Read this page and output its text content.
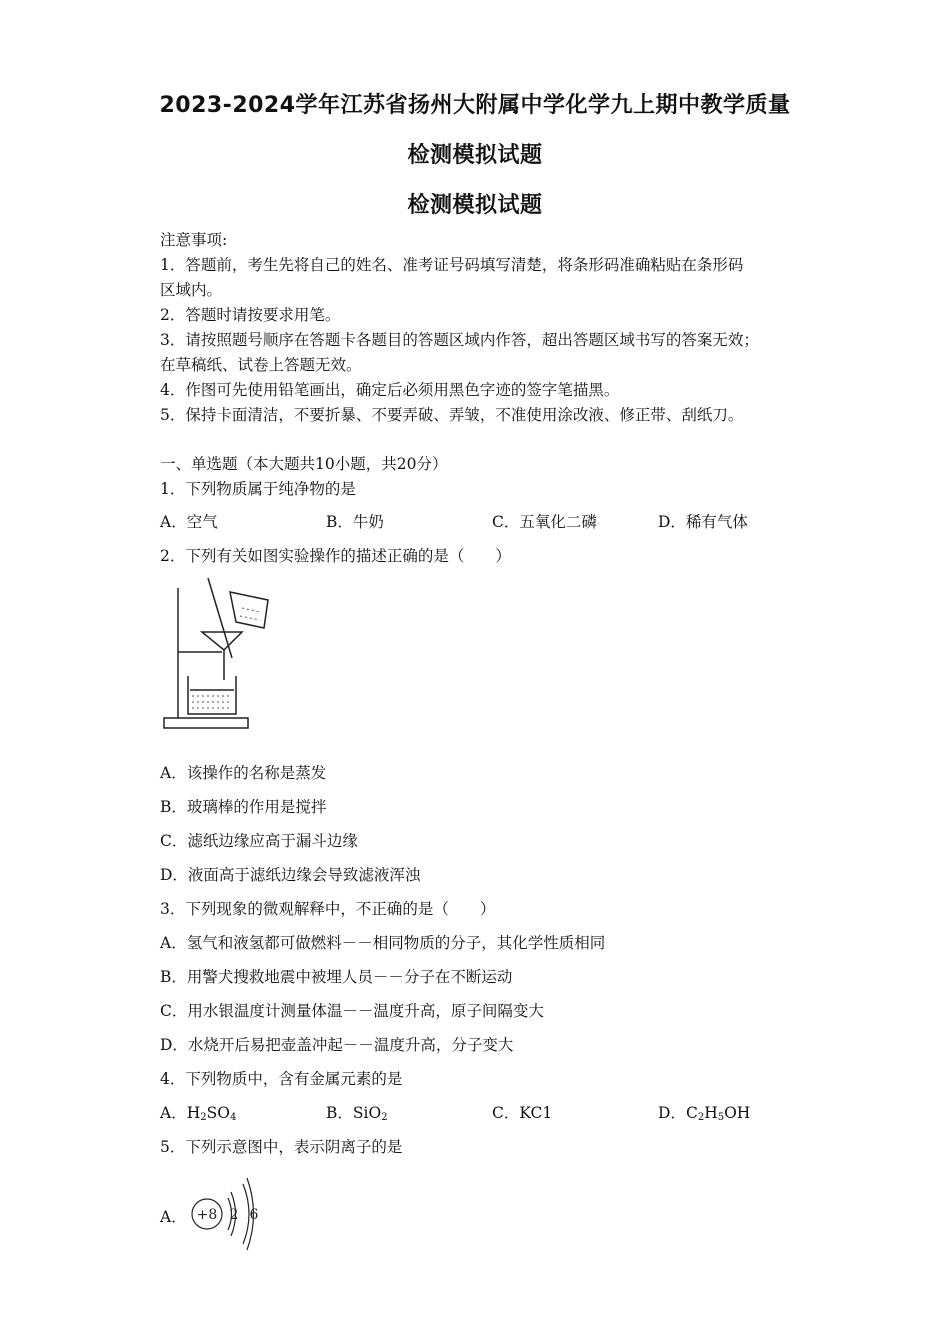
2023-2024学年江苏省扬州大附属中学化学九上期中教学质量
检测模拟试题
检测模拟试题
注意事项:
1．答题前，考生先将自己的姓名、准考证号码填写清楚，将条形码准确粘贴在条形码
区域内。
2．答题时请按要求用笔。
3．请按照题号顺序在答题卡各题目的答题区域内作答，超出答题区域书写的答案无效；
在草稿纸、试卷上答题无效。
4．作图可先使用铅笔画出，确定后必须用黑色字迹的签字笔描黑。
5．保持卡面清洁，不要折暴、不要弄破、弄皱，不准使用涂改液、修正带、刮纸刀。
一、单选题（本大题共10小题，共20分）
1．下列物质属于纯净物的是
A．空气	B．牛奶	C．五氧化二磷	D．稀有气体
2．下列有关如图实验操作的描述正确的是（　　）
A．该操作的名称是蒸发
B．玻璃棒的作用是搅拌
C．滤纸边缘应高于漏斗边缘
D．液面高于滤纸边缘会导致滤液浑浊
3．下列现象的微观解释中，不正确的是（　　）
A．氢气和液氢都可做燃料－－相同物质的分子，其化学性质相同
B．用警犬搜救地震中被埋人员－－分子在不断运动
C．用水银温度计测量体温－－温度升高，原子间隔变大
D．水烧开后易把壶盖冲起－－温度升高，分子变大
4．下列物质中，含有金属元素的是
A．$H_2SO_4$	B．SiO$_2$	C．KC1	D．$C_2H_5OH$
5．下列示意图中，表示阴离子的是
A． +8 2 6
